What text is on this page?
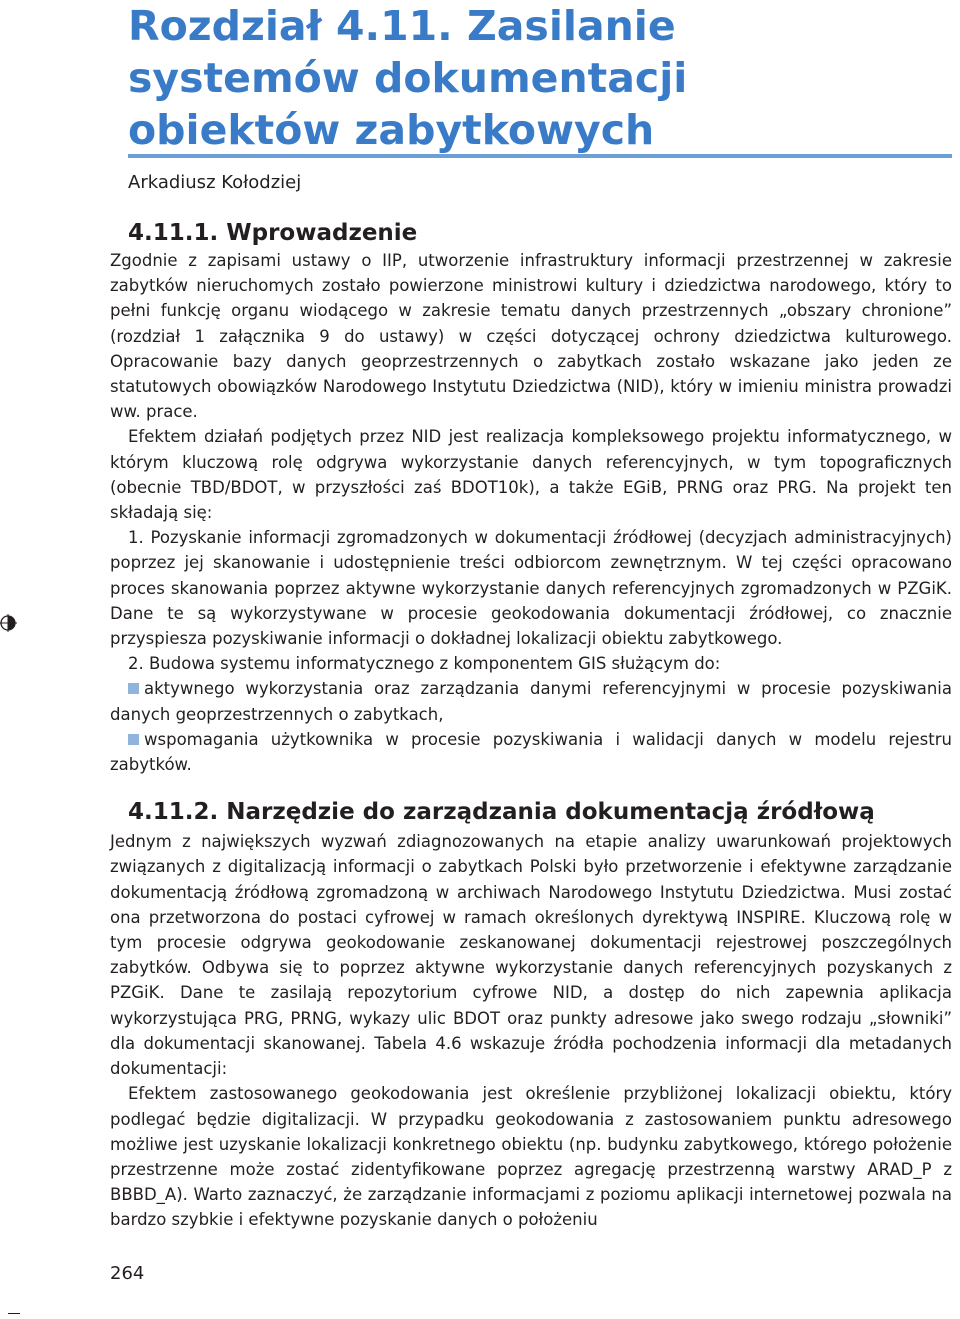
Rozdział 4.11. Zasilanie systemów dokumentacji obiektów zabytkowych
Arkadiusz Kołodziej
4.11.1. Wprowadzenie

Zgodnie z zapisami ustawy o IIP, utworzenie infrastruktury informacji przestrzennej w zakresie zabytków nieruchomych zostało powierzone ministrowi kultury i dziedzictwa narodowego, który to pełni funkcję organu wiodącego w zakresie tematu danych przestrzennych „obszary chronione” (rozdział 1 załącznika 9 do ustawy) w części dotyczącej ochrony dziedzictwa kulturowego. Opracowanie bazy danych geoprzestrzennych o zabytkach zostało wskazane jako jeden ze statutowych obowiązków Narodowego Instytutu Dziedzictwa (NID), który w imieniu ministra prowadzi ww. prace.

Efektem działań podjętych przez NID jest realizacja kompleksowego projektu informatycznego, w którym kluczową rolę odgrywa wykorzystanie danych referencyjnych, w tym topograficznych (obecnie TBD/BDOT, w przyszłości zaś BDOT10k), a także EGiB, PRNG oraz PRG. Na projekt ten składają się:

1. Pozyskanie informacji zgromadzonych w dokumentacji źródłowej (decyzjach administracyjnych) poprzez jej skanowanie i udostępnienie treści odbiorcom zewnętrznym. W tej części opracowano proces skanowania poprzez aktywne wykorzystanie danych referencyjnych zgromadzonych w PZGiK. Dane te są wykorzystywane w procesie geokodowania dokumentacji źródłowej, co znacznie przyspiesza pozyskiwanie informacji o dokładnej lokalizacji obiektu zabytkowego.

2. Budowa systemu informatycznego z komponentem GIS służącym do:

aktywnego wykorzystania oraz zarządzania danymi referencyjnymi w procesie pozyskiwania danych geoprzestrzennych o zabytkach,

wspomagania użytkownika w procesie pozyskiwania i walidacji danych w modelu rejestru zabytków.

4.11.2. Narzędzie do zarządzania dokumentacją źródłową

Jednym z największych wyzwań zdiagnozowanych na etapie analizy uwarunkowań projektowych związanych z digitalizacją informacji o zabytkach Polski było przetworzenie i efektywne zarządzanie dokumentacją źródłową zgromadzoną w archiwach Narodowego Instytutu Dziedzictwa. Musi zostać ona przetworzona do postaci cyfrowej w ramach określonych dyrektywą INSPIRE. Kluczową rolę w tym procesie odgrywa geokodowanie zeskanowanej dokumentacji rejestrowej poszczególnych zabytków. Odbywa się to poprzez aktywne wykorzystanie danych referencyjnych pozyskanych z PZGiK. Dane te zasilają repozytorium cyfrowe NID, a dostęp do nich zapewnia aplikacja wykorzystująca PRG, PRNG, wykazy ulic BDOT oraz punkty adresowe jako swego rodzaju „słowniki” dla dokumentacji skanowanej. Tabela 4.6 wskazuje źródła pochodzenia informacji dla metadanych dokumentacji:

Efektem zastosowanego geokodowania jest określenie przybliżonej lokalizacji obiektu, który podlegać będzie digitalizacji. W przypadku geokodowania z zastosowaniem punktu adresowego możliwe jest uzyskanie lokalizacji konkretnego obiektu (np. budynku zabytkowego, którego położenie przestrzenne może zostać zidentyfikowane poprzez agregację przestrzenną warstwy ARAD_P z BBBD_A). Warto zaznaczyć, że zarządzanie informacjami z poziomu aplikacji internetowej pozwala na bardzo szybkie i efektywne pozyskanie danych o położeniu

264
